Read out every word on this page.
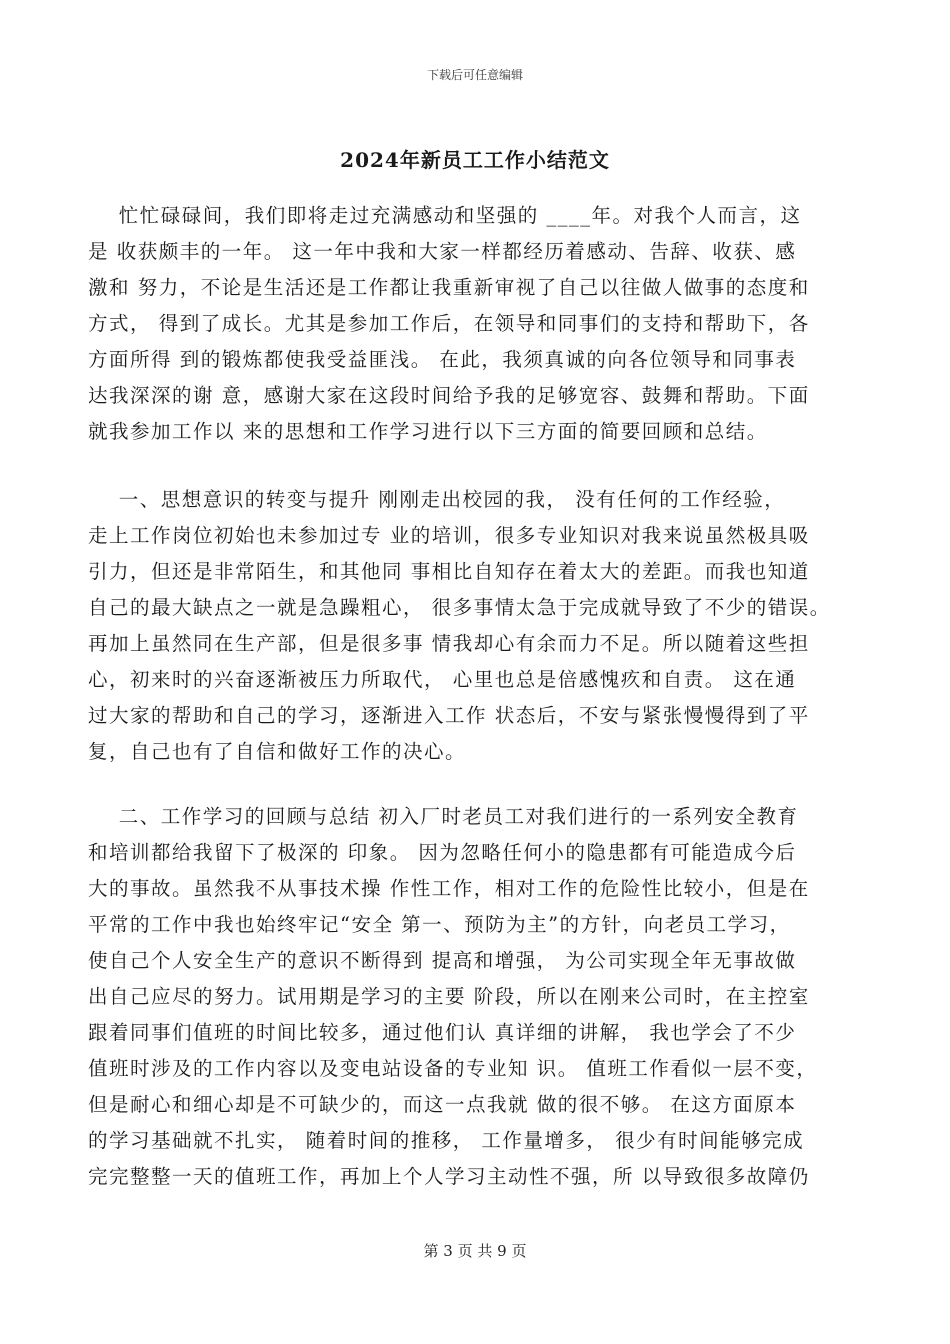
下载后可任意编辑
2024年新员工工作小结范文
忙忙碌碌间，我们即将走过充满感动和坚强的 ____年。对我个人而言，这
是 收获颇丰的一年。 这一年中我和大家一样都经历着感动、告辞、收获、感
激和 努力，不论是生活还是工作都让我重新审视了自己以往做人做事的态度和
方式， 得到了成长。尤其是参加工作后，在领导和同事们的支持和帮助下，各
方面所得 到的锻炼都使我受益匪浅。 在此，我须真诚的向各位领导和同事表
达我深深的谢 意，感谢大家在这段时间给予我的足够宽容、鼓舞和帮助。下面
就我参加工作以 来的思想和工作学习进行以下三方面的简要回顾和总结。
一、思想意识的转变与提升 刚刚走出校园的我， 没有任何的工作经验，
走上工作岗位初始也未参加过专 业的培训，很多专业知识对我来说虽然极具吸
引力，但还是非常陌生，和其他同 事相比自知存在着太大的差距。而我也知道
自己的最大缺点之一就是急躁粗心， 很多事情太急于完成就导致了不少的错误。
再加上虽然同在生产部，但是很多事 情我却心有余而力不足。所以随着这些担
心，初来时的兴奋逐渐被压力所取代， 心里也总是倍感愧疚和自责。 这在通
过大家的帮助和自己的学习，逐渐进入工作 状态后，不安与紧张慢慢得到了平
复，自己也有了自信和做好工作的决心。
二、工作学习的回顾与总结 初入厂时老员工对我们进行的一系列安全教育
和培训都给我留下了极深的 印象。 因为忽略任何小的隐患都有可能造成今后
大的事故。虽然我不从事技术操 作性工作，相对工作的危险性比较小，但是在
平常的工作中我也始终牢记“安全 第一、预防为主”的方针，向老员工学习，
使自己个人安全生产的意识不断得到 提高和增强， 为公司实现全年无事故做
出自己应尽的努力。试用期是学习的主要 阶段，所以在刚来公司时，在主控室
跟着同事们值班的时间比较多，通过他们认 真详细的讲解， 我也学会了不少
值班时涉及的工作内容以及变电站设备的专业知 识。 值班工作看似一层不变，
但是耐心和细心却是不可缺少的，而这一点我就 做的很不够。 在这方面原本
的学习基础就不扎实， 随着时间的推移， 工作量增多， 很少有时间能够完成
完完整整一天的值班工作，再加上个人学习主动性不强，所 以导致很多故障仍
第 3 页 共 9 页
